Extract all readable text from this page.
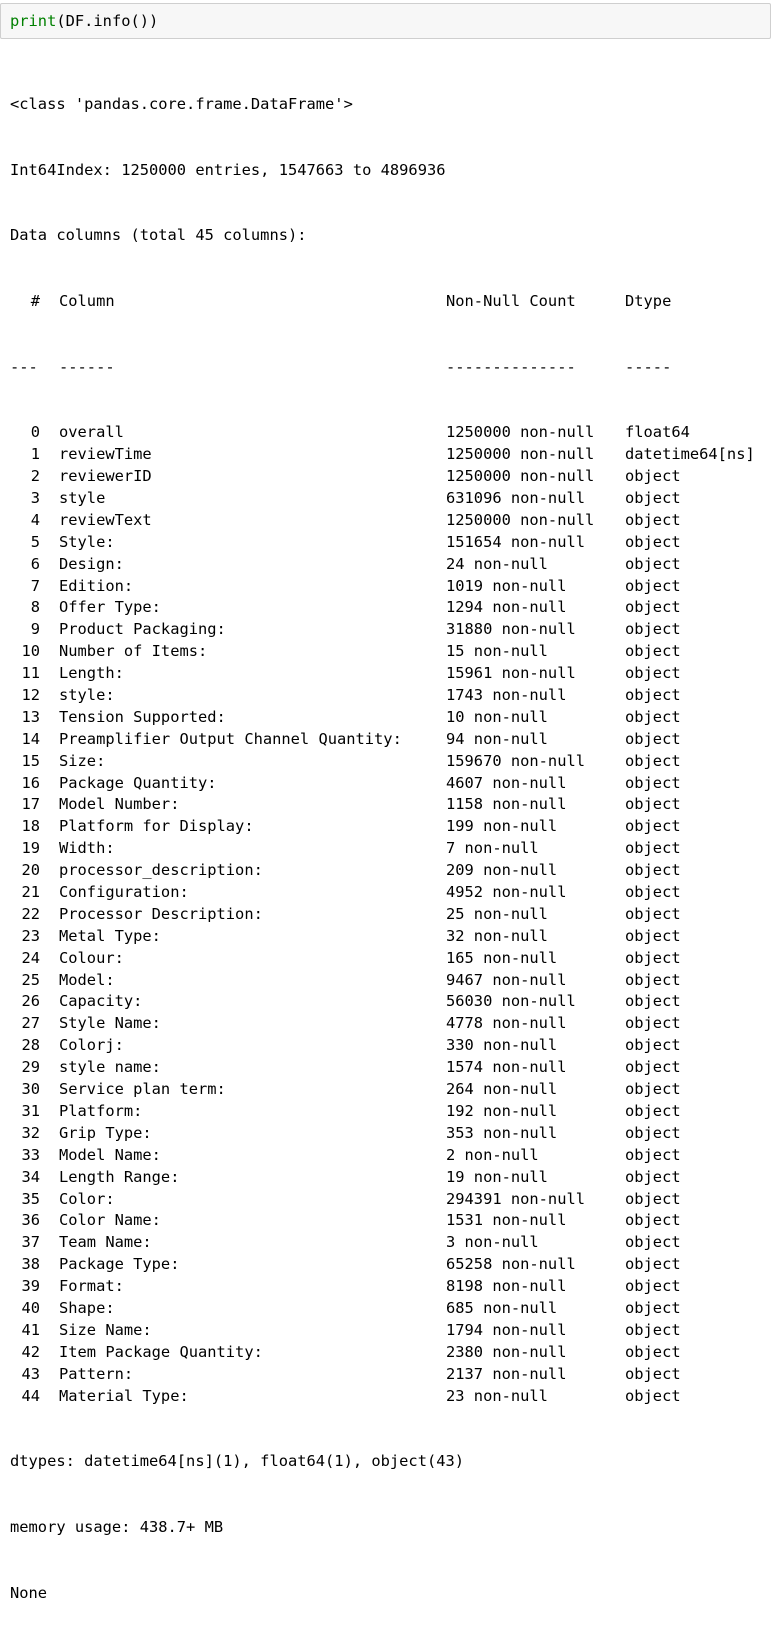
print(DF.info())

<class 'pandas.core.frame.DataFrame'>

Int64Index: 1250000 entries, 1547663 to 4896936

Data columns (total 45 columns):

# Column	Non-Null Count	Dtype

--- ------	--------------	-----

0 overall	1250000 non-null float64
1 reviewTime	1250000 non-null datetime64[ns]
2 reviewerID	1250000 non-null object
3 style	631096 non-null	object
4 reviewText	1250000 non-null object
5 Style:	151654 non-null	object
6 Design:	24 non-null	object
7 Edition:	1019 non-null	object
8 Offer Type:	1294 non-null	object
9 Product Packaging:	31880 non-null	object
10 Number of Items:	15 non-null	object
11 Length:	15961 non-null	object
12 style:	1743 non-null	object
13 Tension Supported:	10 non-null	object
14 Preamplifier Output Channel Quantity:	94 non-null	object
15 Size:	159670 non-null	object
16 Package Quantity:	4607 non-null	object
17 Model Number:	1158 non-null	object
18 Platform for Display:	199 non-null	object
19 Width:	7 non-null	object
20 processor_description:	209 non-null	object
21 Configuration:	4952 non-null	object
22 Processor Description:	25 non-null	object
23 Metal Type:	32 non-null	object
24 Colour:	165 non-null	object
25 Model:	9467 non-null	object
26 Capacity:	56030 non-null	object
27 Style Name:	4778 non-null	object
28 Colorj:	330 non-null	object
29 style name:	1574 non-null	object
30 Service plan term:	264 non-null	object
31 Platform:	192 non-null	object
32 Grip Type:	353 non-null	object
33 Model Name:	2 non-null	object
34 Length Range:	19 non-null	object
35 Color:	294391 non-null	object
36 Color Name:	1531 non-null	object
37 Team Name:	3 non-null	object
38 Package Type:	65258 non-null	object
39 Format:	8198 non-null	object
40 Shape:	685 non-null	object
41 Size Name:	1794 non-null	object
42 Item Package Quantity:	2380 non-null	object
43 Pattern:	2137 non-null	object
44 Material Type:	23 non-null	object

dtypes: datetime64[ns](1), float64(1), object(43)

memory usage: 438.7+ MB

None
